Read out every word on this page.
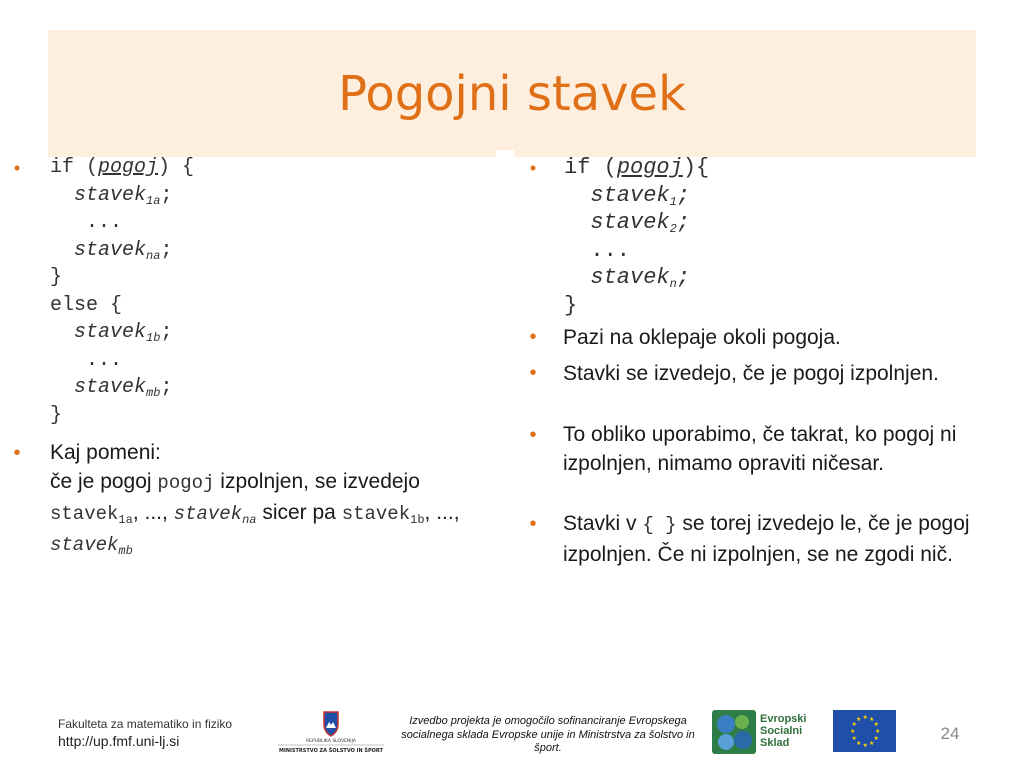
Pogojni stavek
• if (pogoj) {
stavek$_{1a}$;
...
stavek$_{na}$;
}
else {
stavek$_{1b}$;
...
stavek$_{mb}$;
}
• Kaj pomeni:
če je pogoj pogoj izpolnjen, se izvedejo stavek$_{1a}$, ..., stavek$_{na}$ sicer pa stavek$_{1b}$, ..., stavek$_{mb}$
• if (pogoj){
stavek$_1$;
stavek$_2$;
...
stavek$_n$;
}
• Pazi na oklepaje okoli pogoja.
• Stavki se izvedejo, če je pogoj izpolnjen.
• To obliko uporabimo, če takrat, ko pogoj ni izpolnjen, nimamo opraviti ničesar.
• Stavki v { } se torej izvedejo le, če je pogoj izpolnjen. Če ni izpolnjen, se ne zgodi nič.
Fakulteta za matematiko in fiziko
http://up.fmf.uni-lj.si	REPUBLIKA SLOVENIJA
MINISTRSTVO ZA ŠOLSTVO IN ŠPORT
Izvedbo projekta je omogočilo sofinanciranje Evropskega socialnega sklada Evropske unije in Ministrstva za šolstvo in šport.
Evropski
Socialni
Sklad
★ ★
★
★
★
★
★
★
★
★
★
★
24
